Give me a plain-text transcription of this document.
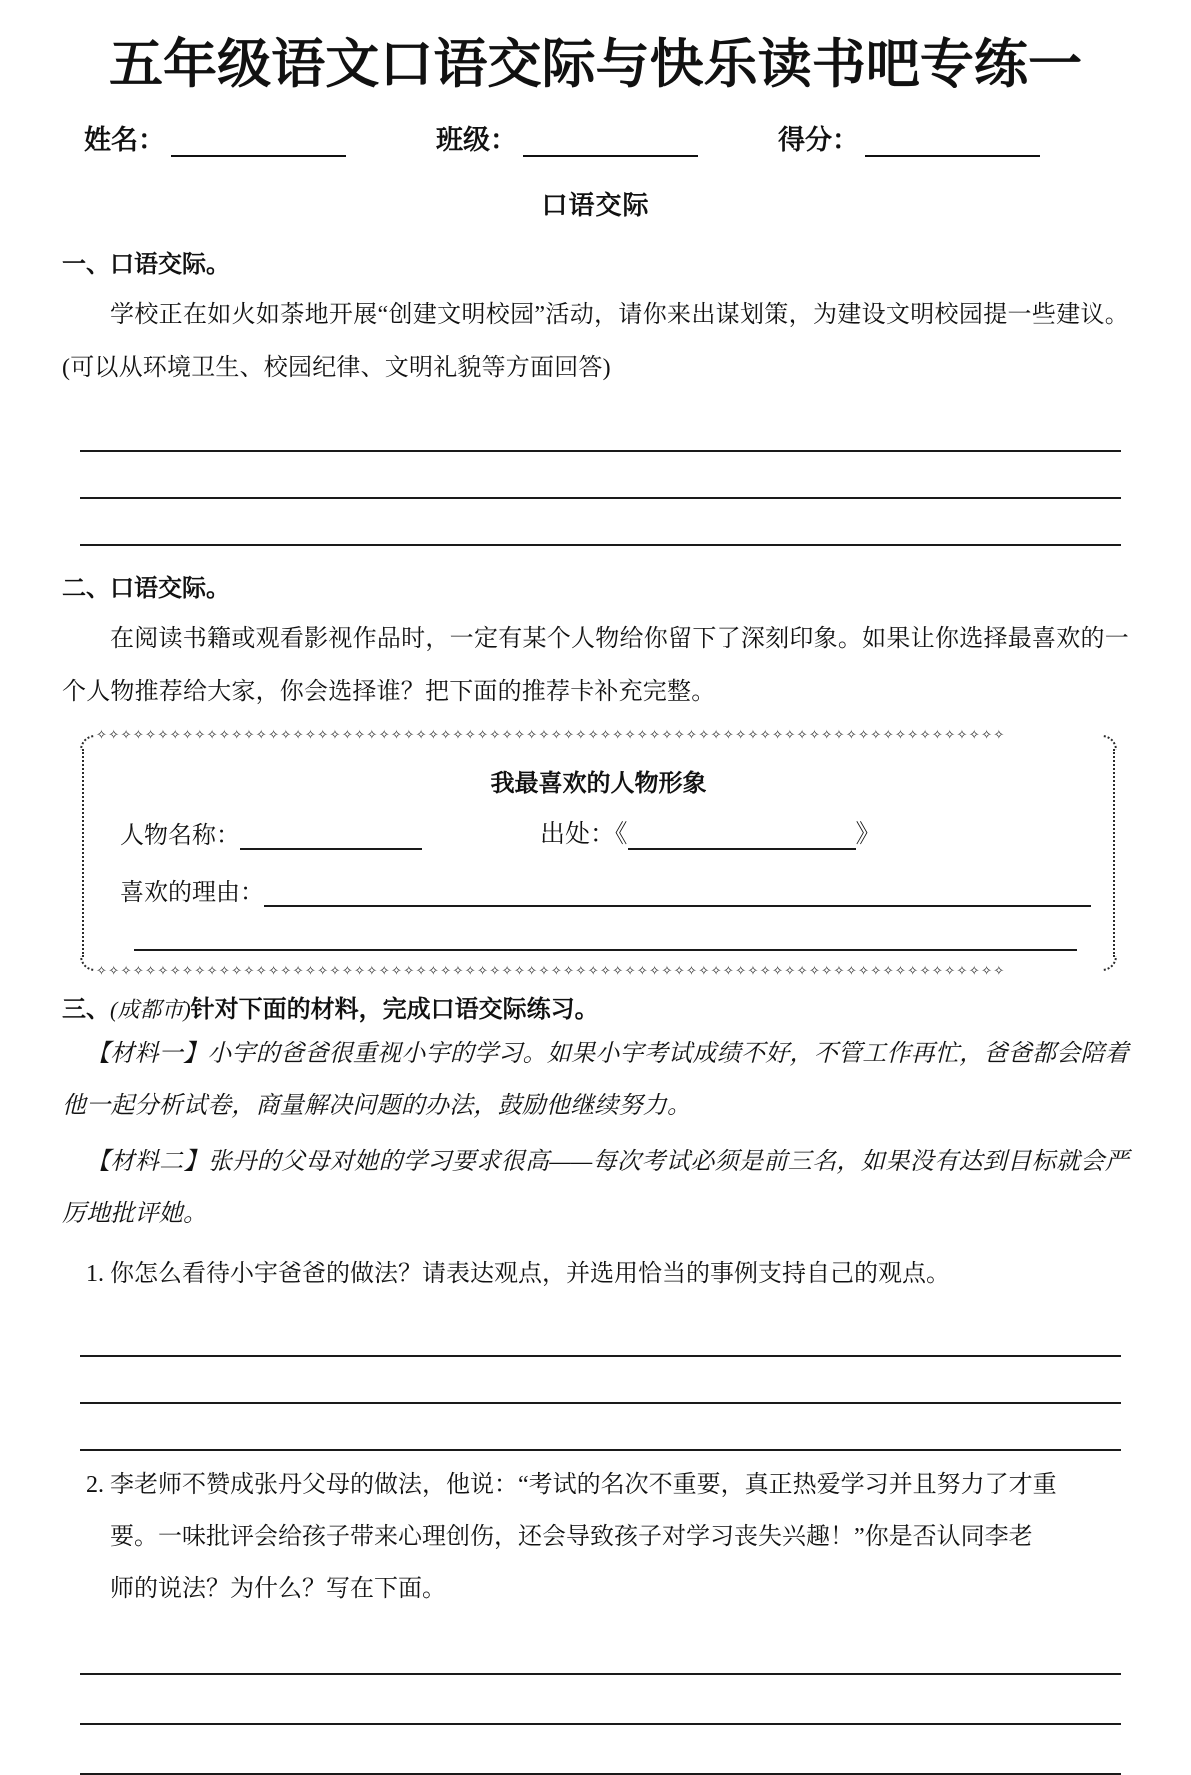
五年级语文口语交际与快乐读书吧专练一
姓名：	班级：	得分：
口语交际
一、口语交际。
学校正在如火如荼地开展“创建文明校园”活动，请你来出谋划策，为建设文明校园提一些建议。(可以从环境卫生、校园纪律、文明礼貌等方面回答)
二、口语交际。
在阅读书籍或观看影视作品时，一定有某个人物给你留下了深刻印象。如果让你选择最喜欢的一个人物推荐给大家，你会选择谁？把下面的推荐卡补充完整。
✧✧✧✧✧✧✧✧✧✧✧✧✧✧✧✧✧✧✧✧✧✧✧✧✧✧✧✧✧✧✧✧✧✧✧✧✧✧✧✧✧✧✧✧✧✧✧✧✧✧✧✧✧✧✧✧✧✧✧✧✧✧✧✧✧✧✧✧✧✧✧✧✧✧
✧✧✧✧✧✧✧✧✧✧✧✧✧✧✧✧✧✧✧✧✧✧✧✧✧✧✧✧✧✧✧✧✧✧✧✧✧✧✧✧✧✧✧✧✧✧✧✧✧✧✧✧✧✧✧✧✧✧✧✧✧✧✧✧✧✧✧✧✧✧✧✧✧✧
我最喜欢的人物形象
人物名称：	出处：《	》
喜欢的理由：
三、(成都市)针对下面的材料，完成口语交际练习。
【材料一】小宇的爸爸很重视小宇的学习。如果小宇考试成绩不好，不管工作再忙，爸爸都会陪着他一起分析试卷，商量解决问题的办法，鼓励他继续努力。
【材料二】张丹的父母对她的学习要求很高——每次考试必须是前三名，如果没有达到目标就会严厉地批评她。
1. 你怎么看待小宇爸爸的做法？请表达观点，并选用恰当的事例支持自己的观点。
2. 李老师不赞成张丹父母的做法，他说：“考试的名次不重要，真正热爱学习并且努力了才重
要。一味批评会给孩子带来心理创伤，还会导致孩子对学习丧失兴趣！”你是否认同李老
师的说法？为什么？写在下面。
